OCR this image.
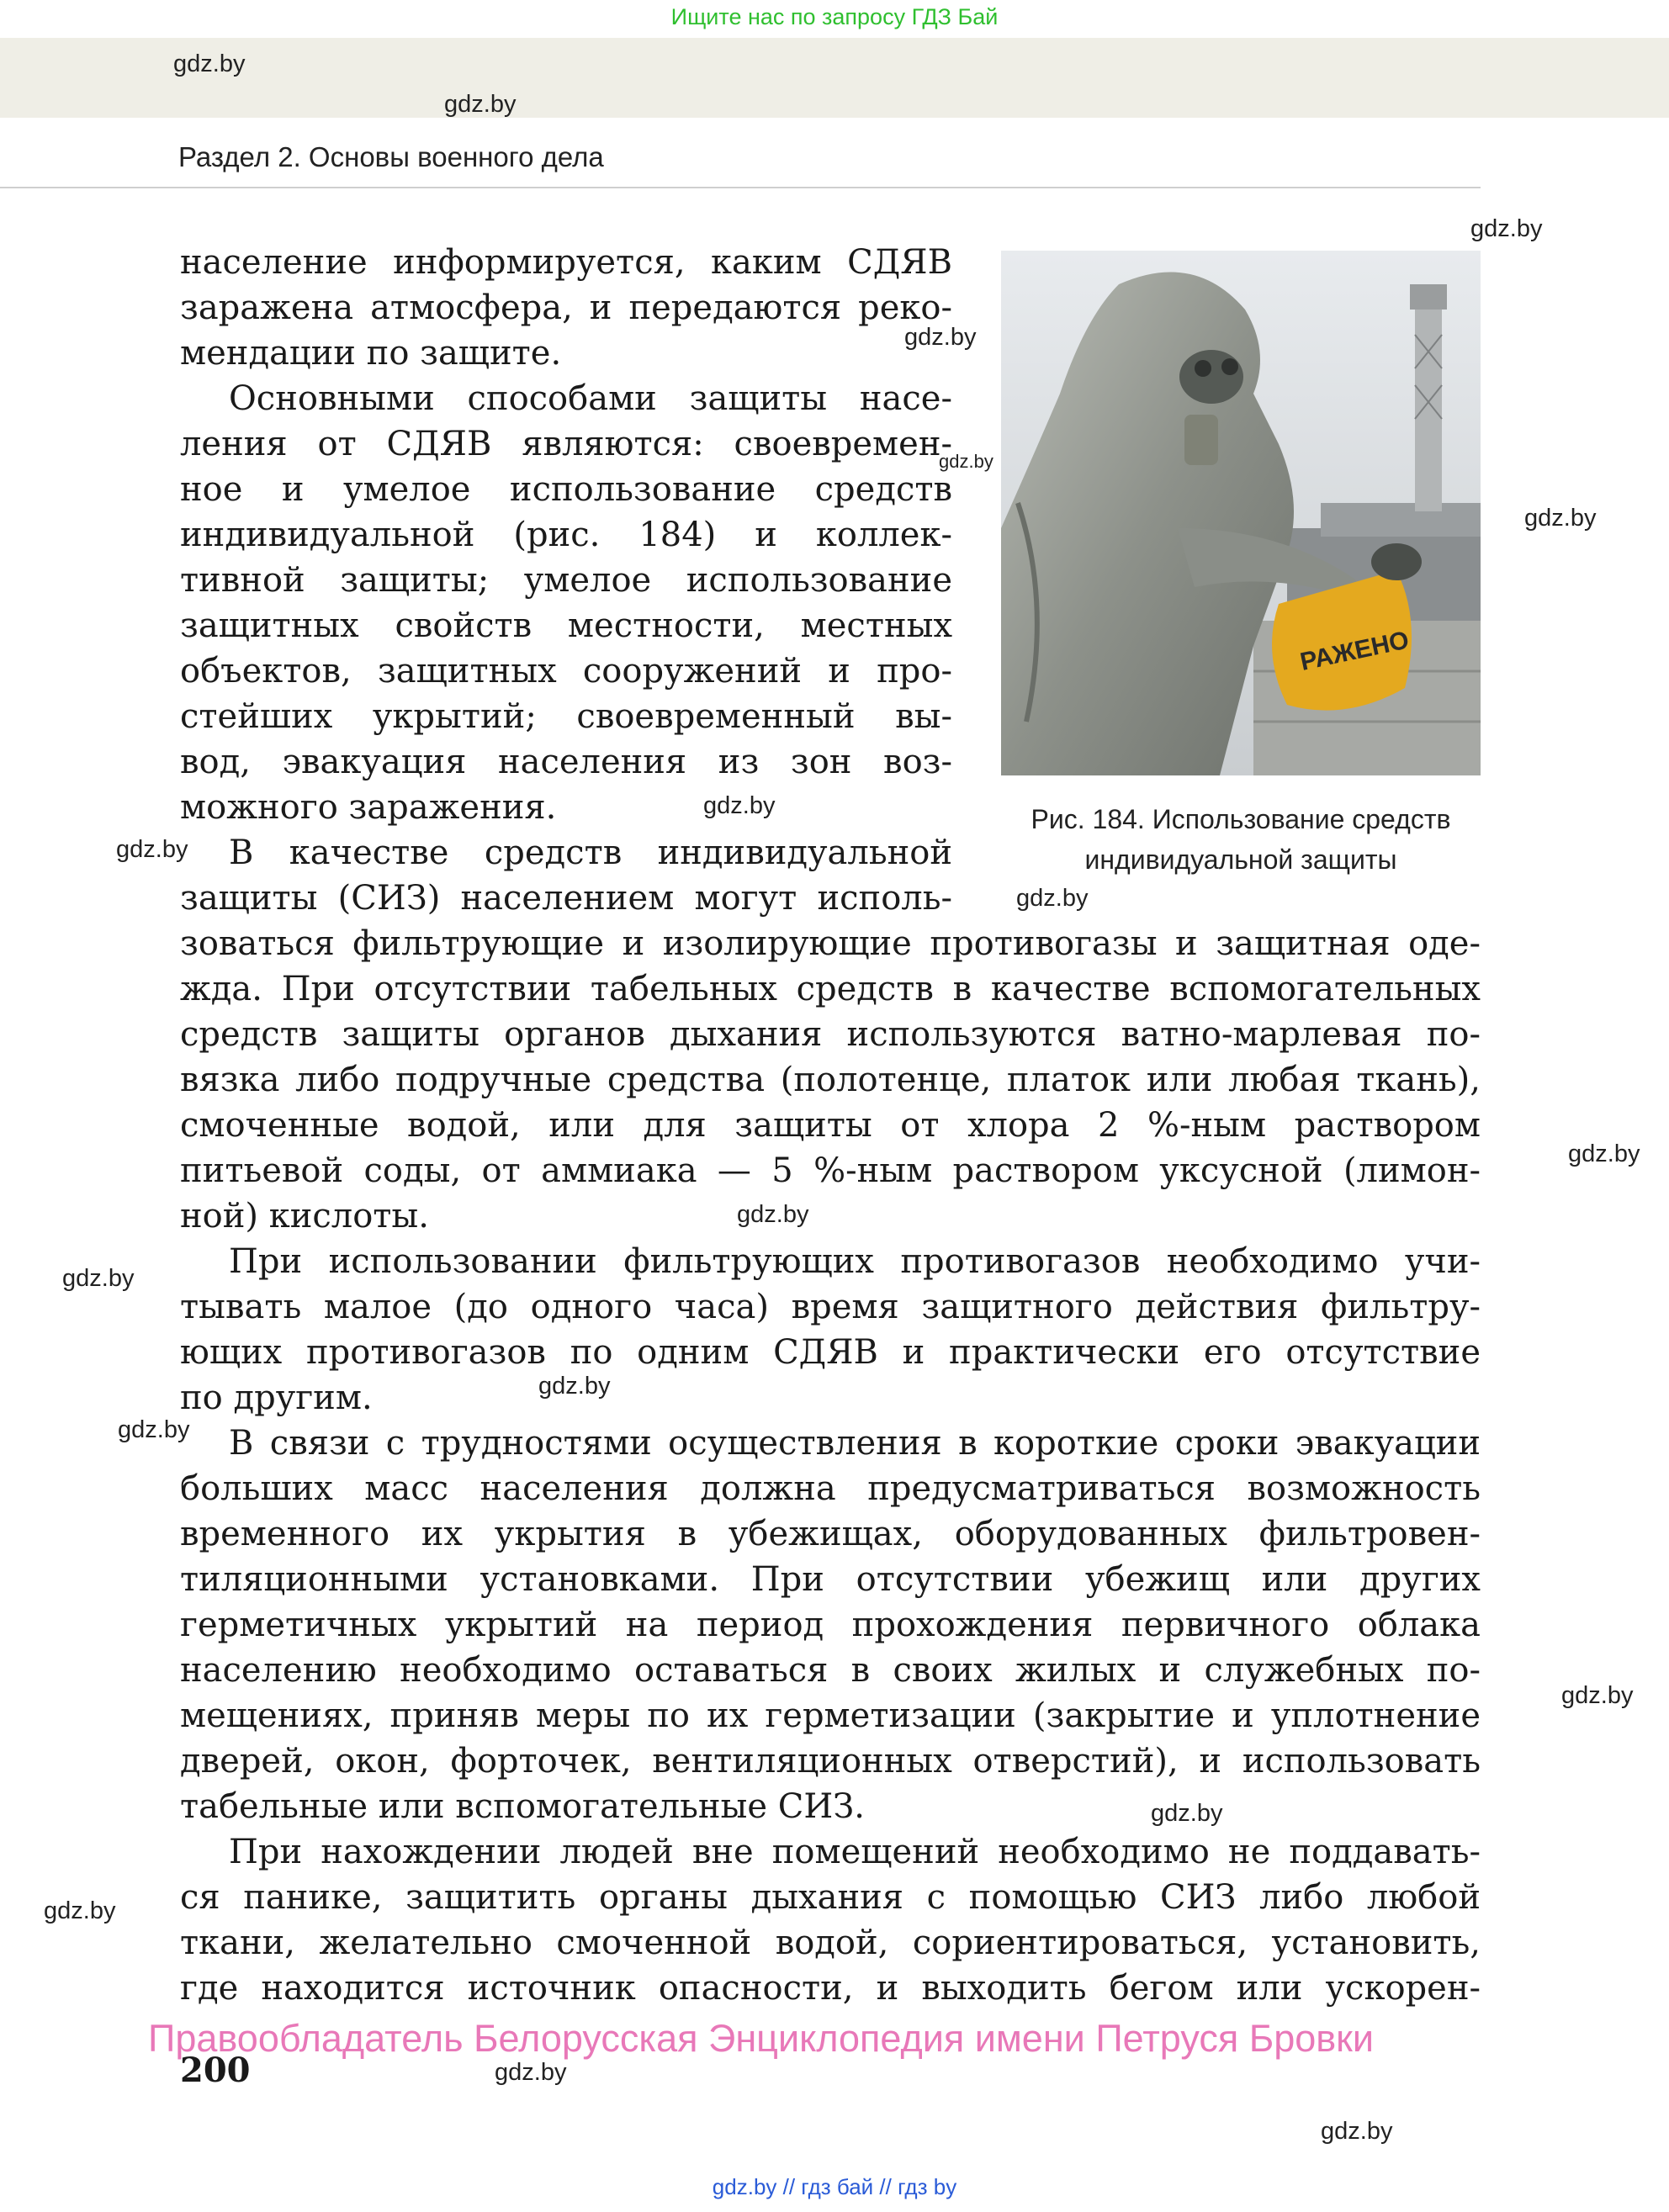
Ищите нас по запросу ГДЗ Бай
Раздел 2. Основы военного дела
gdz.by
gdz.by
gdz.by
gdz.by
gdz.by
gdz.by
gdz.by
gdz.by
gdz.by
gdz.by
gdz.by
gdz.by
gdz.by
gdz.by
gdz.by
gdz.by
gdz.by
gdz.by
gdz.by
население информируется, каким СДЯВ
заражена атмосфера, и передаются реко-
мендации по защите.
Основными способами защиты насе-
ления от СДЯВ являются: своевремен-
ное и умелое использование средств
индивидуальной (рис. 184) и коллек-
тивной защиты; умелое использование
защитных свойств местности, местных
объектов, защитных сооружений и про-
стейших укрытий; своевременный вы-
вод, эвакуация населения из зон воз-
можного заражения.
В качестве средств индивидуальной
защиты (СИЗ) населением могут исполь-
зоваться фильтрующие и изолирующие противогазы и защитная оде-
жда. При отсутствии табельных средств в качестве вспомогательных
средств защиты органов дыхания используются ватно-марлевая по-
вязка либо подручные средства (полотенце, платок или любая ткань),
смоченные водой, или для защиты от хлора 2 %-ным раствором
питьевой соды, от аммиака — 5 %-ным раствором уксусной (лимон-
ной) кислоты.
При использовании фильтрующих противогазов необходимо учи-
тывать малое (до одного часа) время защитного действия фильтру-
ющих противогазов по одним СДЯВ и практически его отсутствие
по другим.
В связи с трудностями осуществления в короткие сроки эвакуации
больших масс населения должна предусматриваться возможность
временного их укрытия в убежищах, оборудованных фильтровен-
тиляционными установками. При отсутствии убежищ или других
герметичных укрытий на период прохождения первичного облака
населению необходимо оставаться в своих жилых и служебных по-
мещениях, приняв меры по их герметизации (закрытие и уплотнение
дверей, окон, форточек, вентиляционных отверстий), и использовать
табельные или вспомогательные СИЗ.
При нахождении людей вне помещений необходимо не поддавать-
ся панике, защитить органы дыхания с помощью СИЗ либо любой
ткани, желательно смоченной водой, сориентироваться, установить,
где находится источник опасности, и выходить бегом или ускорен-
РАЖЕНО
Рис. 184. Использование средств
индивидуальной защиты
Правообладатель Белорусская Энциклопедия имени Петруся Бровки
200
gdz.by // гдз бай // гдз by
